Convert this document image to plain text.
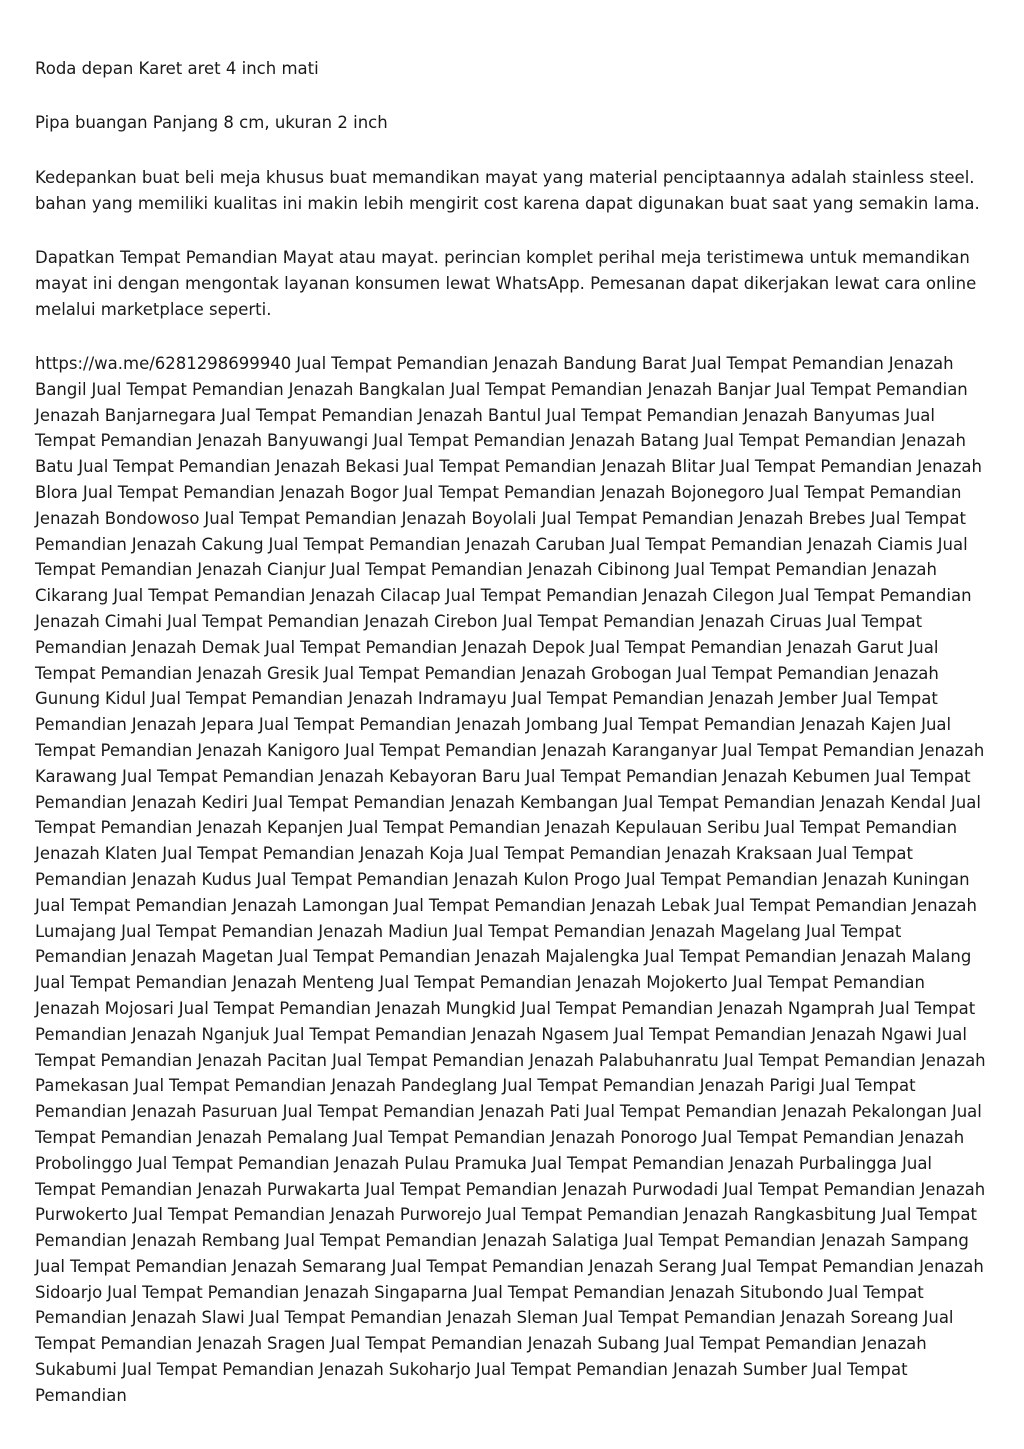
Roda depan Karet aret 4 inch mati

Pipa buangan Panjang 8 cm, ukuran 2 inch

Kedepankan buat beli meja khusus buat memandikan mayat yang material penciptaannya adalah stainless steel. bahan yang memiliki kualitas ini makin lebih mengirit cost karena dapat digunakan buat saat yang semakin lama.

Dapatkan Tempat Pemandian Mayat atau mayat. perincian komplet perihal meja teristimewa untuk memandikan mayat ini dengan mengontak layanan konsumen lewat WhatsApp. Pemesanan dapat dikerjakan lewat cara online melalui marketplace seperti.

https://wa.me/6281298699940 Jual Tempat Pemandian Jenazah Bandung Barat Jual Tempat Pemandian Jenazah Bangil Jual Tempat Pemandian Jenazah Bangkalan Jual Tempat Pemandian Jenazah Banjar Jual Tempat Pemandian Jenazah Banjarnegara Jual Tempat Pemandian Jenazah Bantul Jual Tempat Pemandian Jenazah Banyumas Jual Tempat Pemandian Jenazah Banyuwangi Jual Tempat Pemandian Jenazah Batang Jual Tempat Pemandian Jenazah Batu Jual Tempat Pemandian Jenazah Bekasi Jual Tempat Pemandian Jenazah Blitar Jual Tempat Pemandian Jenazah Blora Jual Tempat Pemandian Jenazah Bogor Jual Tempat Pemandian Jenazah Bojonegoro Jual Tempat Pemandian Jenazah Bondowoso Jual Tempat Pemandian Jenazah Boyolali Jual Tempat Pemandian Jenazah Brebes Jual Tempat Pemandian Jenazah Cakung Jual Tempat Pemandian Jenazah Caruban Jual Tempat Pemandian Jenazah Ciamis Jual Tempat Pemandian Jenazah Cianjur Jual Tempat Pemandian Jenazah Cibinong Jual Tempat Pemandian Jenazah Cikarang Jual Tempat Pemandian Jenazah Cilacap Jual Tempat Pemandian Jenazah Cilegon Jual Tempat Pemandian Jenazah Cimahi Jual Tempat Pemandian Jenazah Cirebon Jual Tempat Pemandian Jenazah Ciruas Jual Tempat Pemandian Jenazah Demak Jual Tempat Pemandian Jenazah Depok Jual Tempat Pemandian Jenazah Garut Jual Tempat Pemandian Jenazah Gresik Jual Tempat Pemandian Jenazah Grobogan Jual Tempat Pemandian Jenazah Gunung Kidul Jual Tempat Pemandian Jenazah Indramayu Jual Tempat Pemandian Jenazah Jember Jual Tempat Pemandian Jenazah Jepara Jual Tempat Pemandian Jenazah Jombang Jual Tempat Pemandian Jenazah Kajen Jual Tempat Pemandian Jenazah Kanigoro Jual Tempat Pemandian Jenazah Karanganyar Jual Tempat Pemandian Jenazah Karawang Jual Tempat Pemandian Jenazah Kebayoran Baru Jual Tempat Pemandian Jenazah Kebumen Jual Tempat Pemandian Jenazah Kediri Jual Tempat Pemandian Jenazah Kembangan Jual Tempat Pemandian Jenazah Kendal Jual Tempat Pemandian Jenazah Kepanjen Jual Tempat Pemandian Jenazah Kepulauan Seribu Jual Tempat Pemandian Jenazah Klaten Jual Tempat Pemandian Jenazah Koja Jual Tempat Pemandian Jenazah Kraksaan Jual Tempat Pemandian Jenazah Kudus Jual Tempat Pemandian Jenazah Kulon Progo Jual Tempat Pemandian Jenazah Kuningan Jual Tempat Pemandian Jenazah Lamongan Jual Tempat Pemandian Jenazah Lebak Jual Tempat Pemandian Jenazah Lumajang Jual Tempat Pemandian Jenazah Madiun Jual Tempat Pemandian Jenazah Magelang Jual Tempat Pemandian Jenazah Magetan Jual Tempat Pemandian Jenazah Majalengka Jual Tempat Pemandian Jenazah Malang Jual Tempat Pemandian Jenazah Menteng Jual Tempat Pemandian Jenazah Mojokerto Jual Tempat Pemandian Jenazah Mojosari Jual Tempat Pemandian Jenazah Mungkid Jual Tempat Pemandian Jenazah Ngamprah Jual Tempat Pemandian Jenazah Nganjuk Jual Tempat Pemandian Jenazah Ngasem Jual Tempat Pemandian Jenazah Ngawi Jual Tempat Pemandian Jenazah Pacitan Jual Tempat Pemandian Jenazah Palabuhanratu Jual Tempat Pemandian Jenazah Pamekasan Jual Tempat Pemandian Jenazah Pandeglang Jual Tempat Pemandian Jenazah Parigi Jual Tempat Pemandian Jenazah Pasuruan Jual Tempat Pemandian Jenazah Pati Jual Tempat Pemandian Jenazah Pekalongan Jual Tempat Pemandian Jenazah Pemalang Jual Tempat Pemandian Jenazah Ponorogo Jual Tempat Pemandian Jenazah Probolinggo Jual Tempat Pemandian Jenazah Pulau Pramuka Jual Tempat Pemandian Jenazah Purbalingga Jual Tempat Pemandian Jenazah Purwakarta Jual Tempat Pemandian Jenazah Purwodadi Jual Tempat Pemandian Jenazah Purwokerto Jual Tempat Pemandian Jenazah Purworejo Jual Tempat Pemandian Jenazah Rangkasbitung Jual Tempat Pemandian Jenazah Rembang Jual Tempat Pemandian Jenazah Salatiga Jual Tempat Pemandian Jenazah Sampang Jual Tempat Pemandian Jenazah Semarang Jual Tempat Pemandian Jenazah Serang Jual Tempat Pemandian Jenazah Sidoarjo Jual Tempat Pemandian Jenazah Singaparna Jual Tempat Pemandian Jenazah Situbondo Jual Tempat Pemandian Jenazah Slawi Jual Tempat Pemandian Jenazah Sleman Jual Tempat Pemandian Jenazah Soreang Jual Tempat Pemandian Jenazah Sragen Jual Tempat Pemandian Jenazah Subang Jual Tempat Pemandian Jenazah Sukabumi Jual Tempat Pemandian Jenazah Sukoharjo Jual Tempat Pemandian Jenazah Sumber Jual Tempat Pemandian
